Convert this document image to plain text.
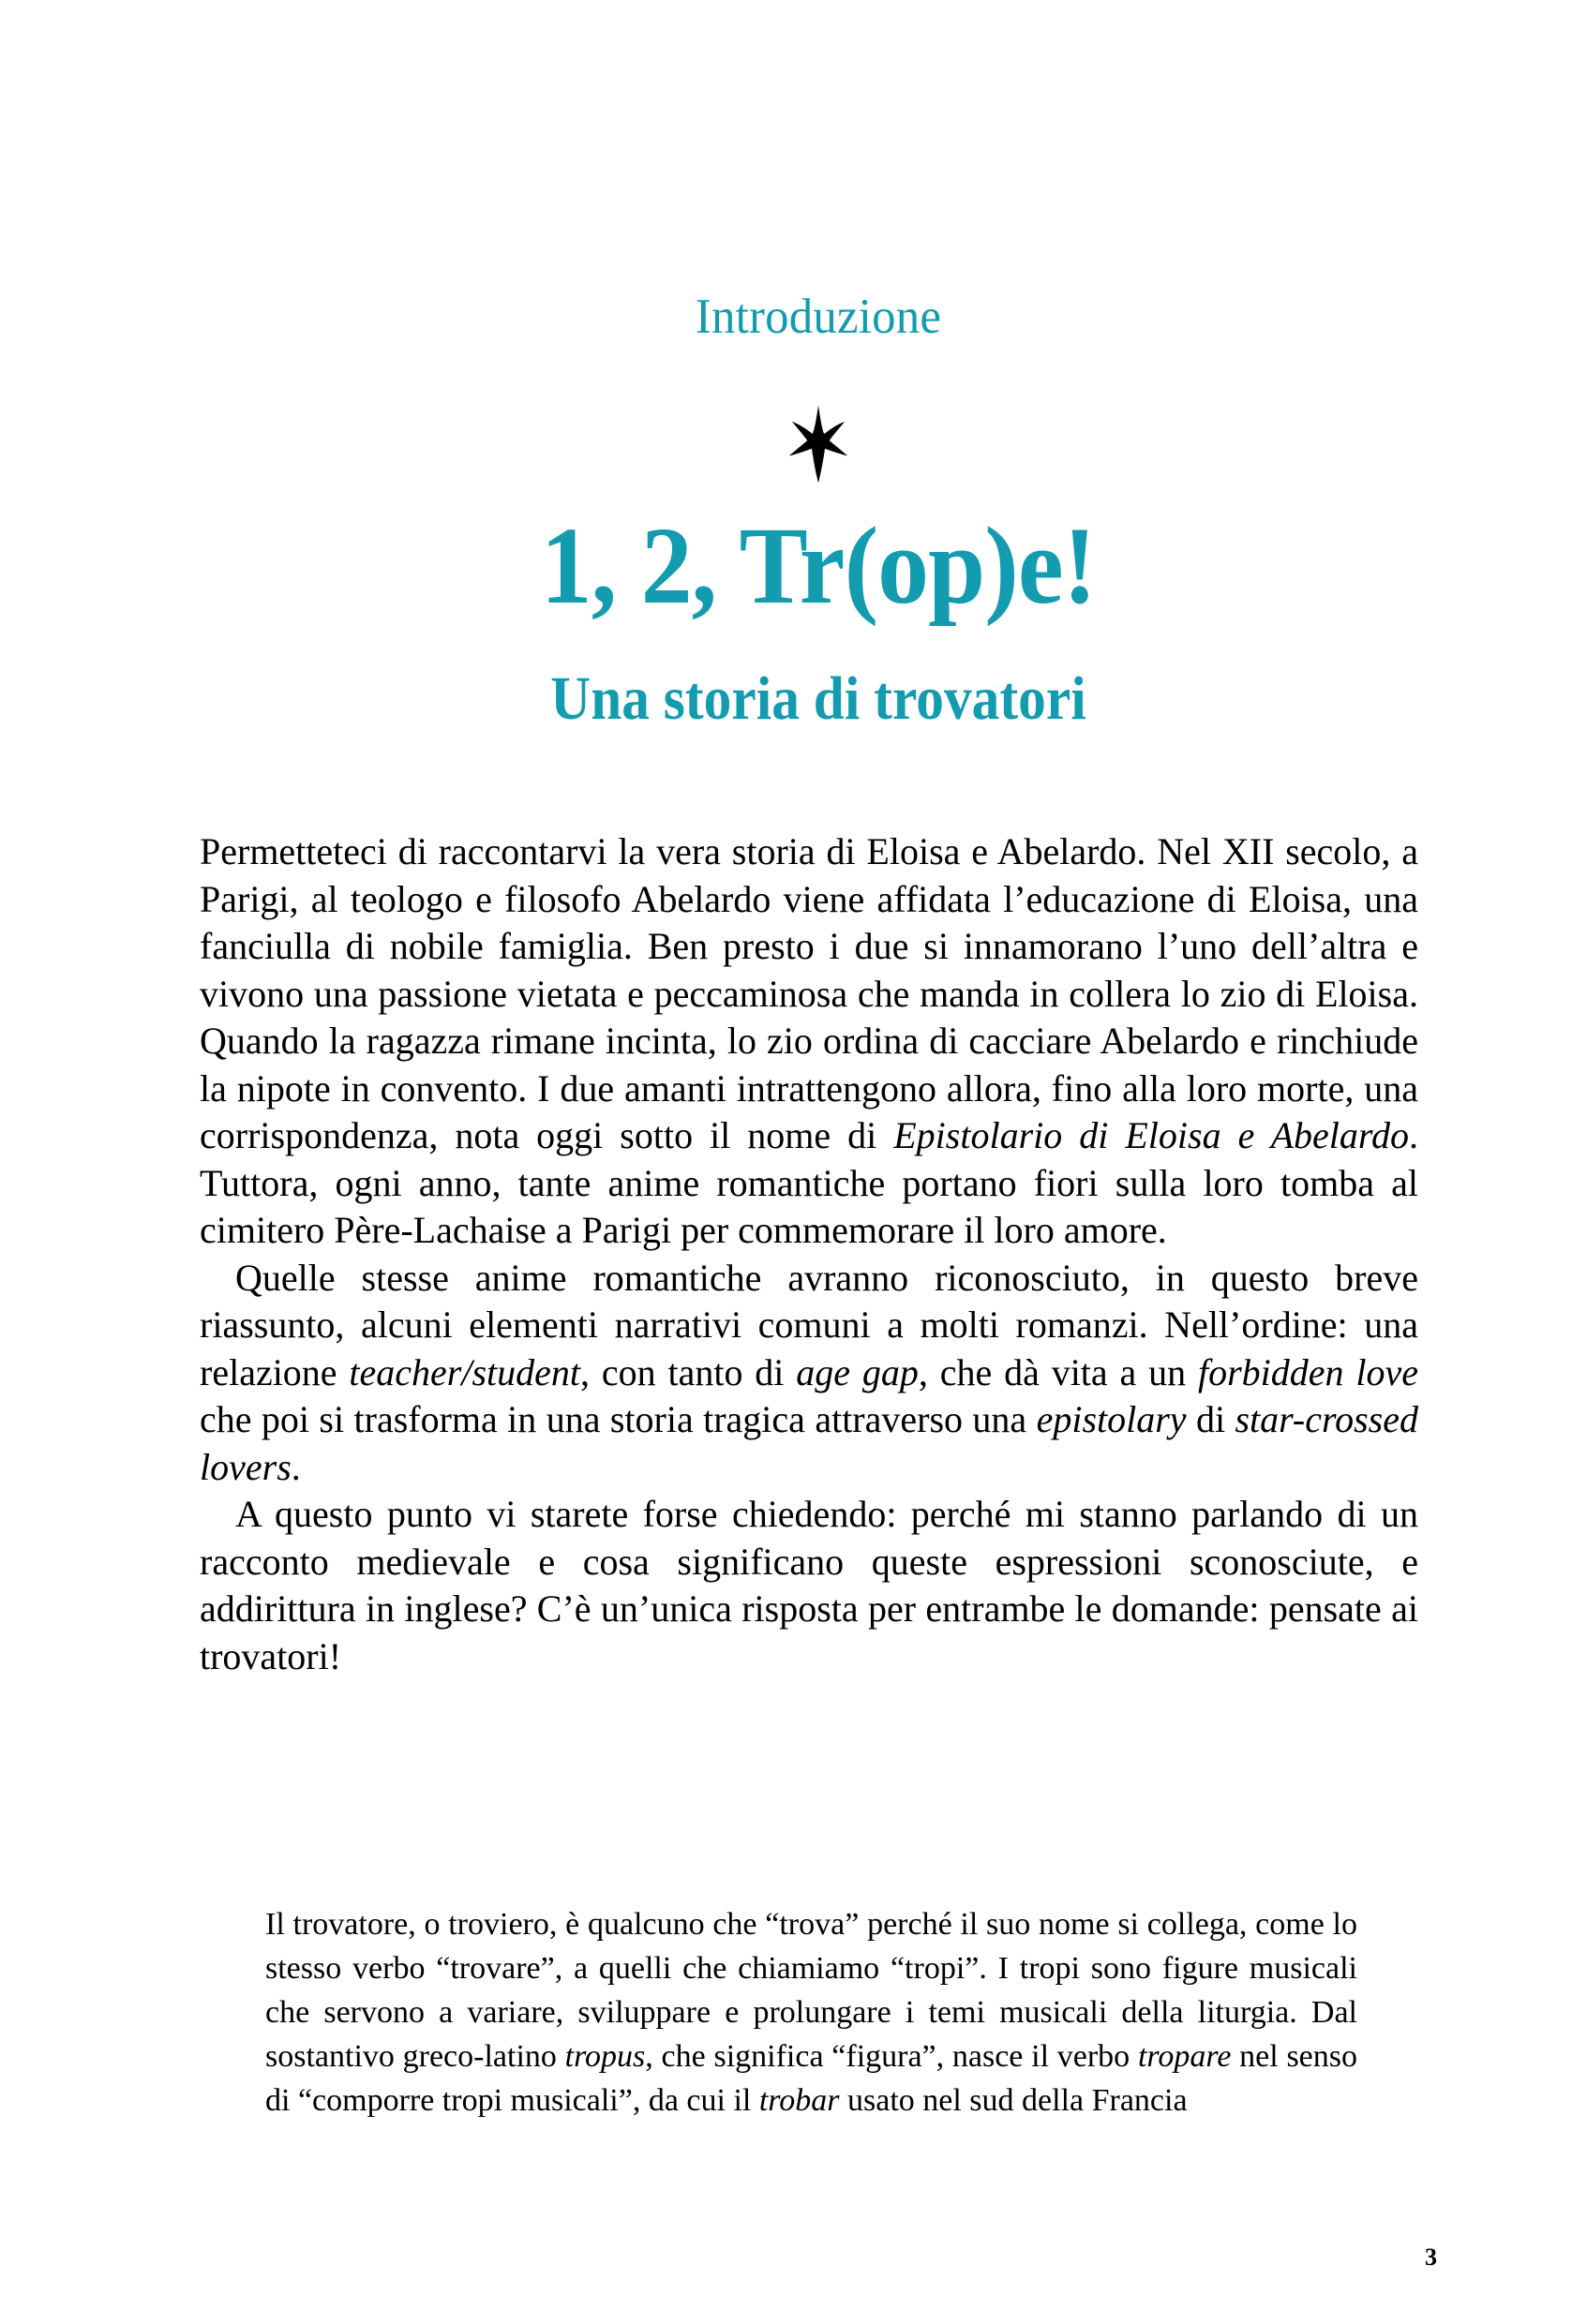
Introduzione
1, 2, Tr(op)e!
Una storia di trovatori

Permetteteci di raccontarvi la vera storia di Eloisa e Abelardo. Nel XII secolo, a Parigi, al teologo e filosofo Abelardo viene affidata l’educazione di Eloisa, una fanciulla di nobile famiglia. Ben presto i due si innamorano l’uno dell’altra e vivono una passione vietata e peccaminosa che manda in collera lo zio di Eloisa. Quando la ragazza rimane incinta, lo zio ordina di cacciare Abelardo e rinchiude la nipote in convento. I due amanti intrattengono allora, fino alla loro morte, una corrispondenza, nota oggi sotto il nome di Epistolario di Eloisa e Abelardo. Tuttora, ogni anno, tante anime romantiche portano fiori sulla loro tomba al cimitero Père-Lachaise a Parigi per commemorare il loro amore.

Quelle stesse anime romantiche avranno riconosciuto, in questo breve riassunto, alcuni elementi narrativi comuni a molti romanzi. Nell’ordine: una relazione teacher/student, con tanto di age gap, che dà vita a un forbidden love che poi si trasforma in una storia tragica attraverso una epistolary di star-crossed lovers.

A questo punto vi starete forse chiedendo: perché mi stanno parlando di un racconto medievale e cosa significano queste espressioni sconosciute, e addirittura in inglese? C’è un’unica risposta per entrambe le domande: pensate ai trovatori!

Il trovatore, o troviero, è qualcuno che “trova” perché il suo nome si collega, come lo stesso verbo “trovare”, a quelli che chiamiamo “tropi”. I tropi sono figure musicali che servono a variare, sviluppare e prolungare i temi musicali della liturgia. Dal sostantivo greco-latino tropus, che significa “figura”, nasce il verbo tropare nel senso di “comporre tropi musicali”, da cui il trobar usato nel sud della Francia

3
